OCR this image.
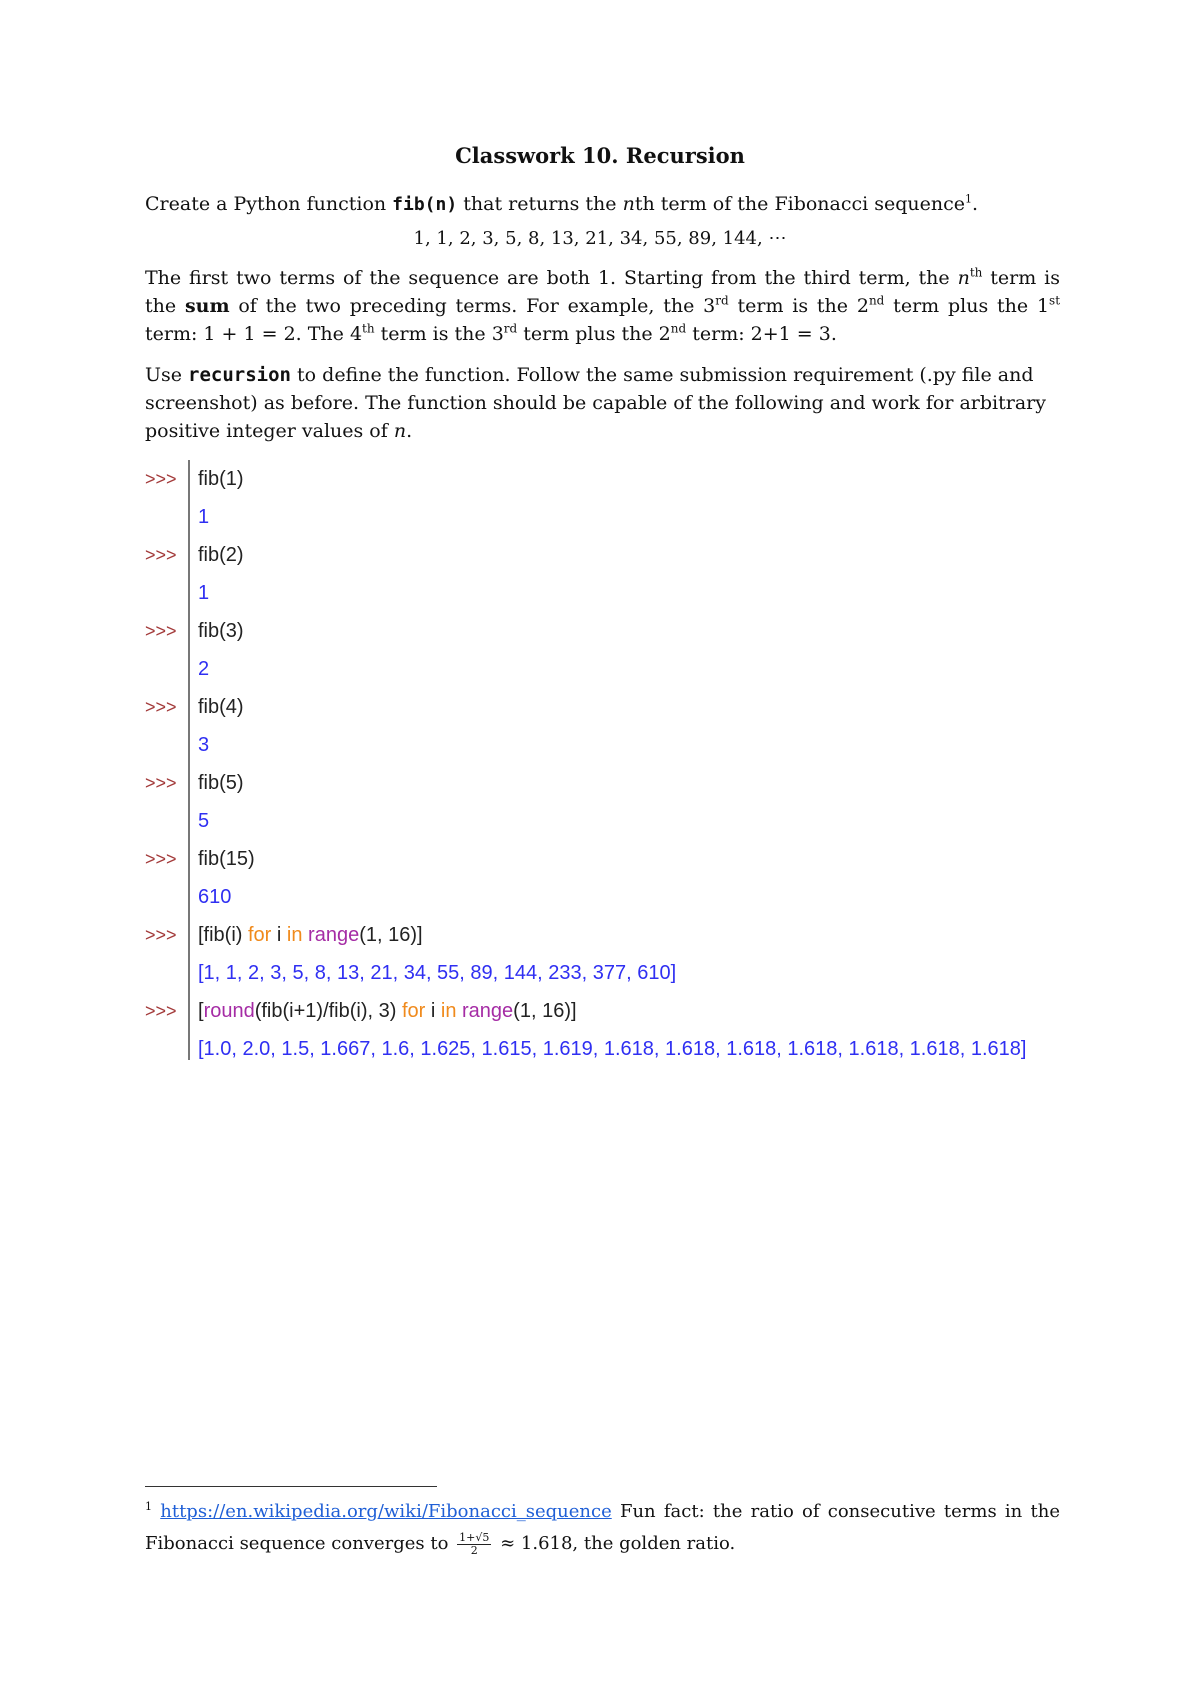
Classwork 10. Recursion
Create a Python function fib(n) that returns the nth term of the Fibonacci sequence$^1$.
1, 1, 2, 3, 5, 8, 13, 21, 34, 55, 89, 144, ⋯
The first two terms of the sequence are both 1. Starting from the third term, the $n^{th}$ term is the sum of the two preceding terms. For example, the 3rd term is the 2nd term plus the 1st term: 1 + 1 = 2. The 4th term is the 3rd term plus the 2nd term: 2+1 = 3.
Use recursion to define the function. Follow the same submission requirement (.py file and screenshot) as before. The function should be capable of the following and work for arbitrary positive integer values of n.
>>>	fib(1)
1
>>>	fib(2)
1
>>>	fib(3)
2
>>>	fib(4)
3
>>>	fib(5)
5
>>>	fib(15)
610
>>>	[fib(i) for i in range(1, 16)]
[1, 1, 2, 3, 5, 8, 13, 21, 34, 55, 89, 144, 233, 377, 610]
>>>	[round(fib(i+1)/fib(i), 3) for i in range(1, 16)]
[1.0, 2.0, 1.5, 1.667, 1.6, 1.625, 1.615, 1.619, 1.618, 1.618, 1.618, 1.618, 1.618, 1.618, 1.618]
$^1$ https://en.wikipedia.org/wiki/Fibonacci_sequence Fun fact: the ratio of consecutive terms in the Fibonacci sequence converges to $\frac{1+√5}{2} \approx 1.618$, the golden ratio.
